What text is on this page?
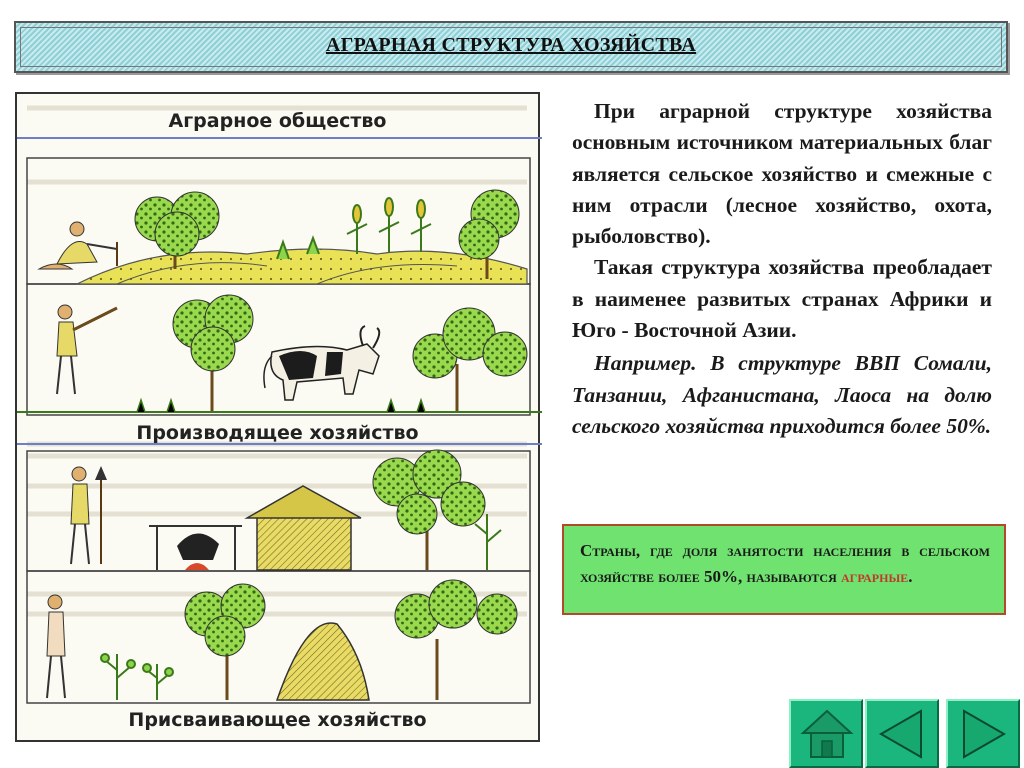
АГРАРНАЯ СТРУКТУРА ХОЗЯЙСТВА
Аграрное общество
Производящее хозяйство
Присваивающее хозяйство

При аграрной структуре хозяйства основным источником материальных благ является сельское хозяйство и смежные с ним отрасли (лесное хозяйство, охота, рыболовство).

Такая структура хозяйства преобладает в наименее развитых странах Африки и Юго - Восточной Азии.

Например. В структуре ВВП Сомали, Танзании, Афганистана, Лаоса на долю сельского хозяйства приходится более 50%.

Страны, где доля занятости населения в сельском хозяйстве более 50%, называются аграрные.
